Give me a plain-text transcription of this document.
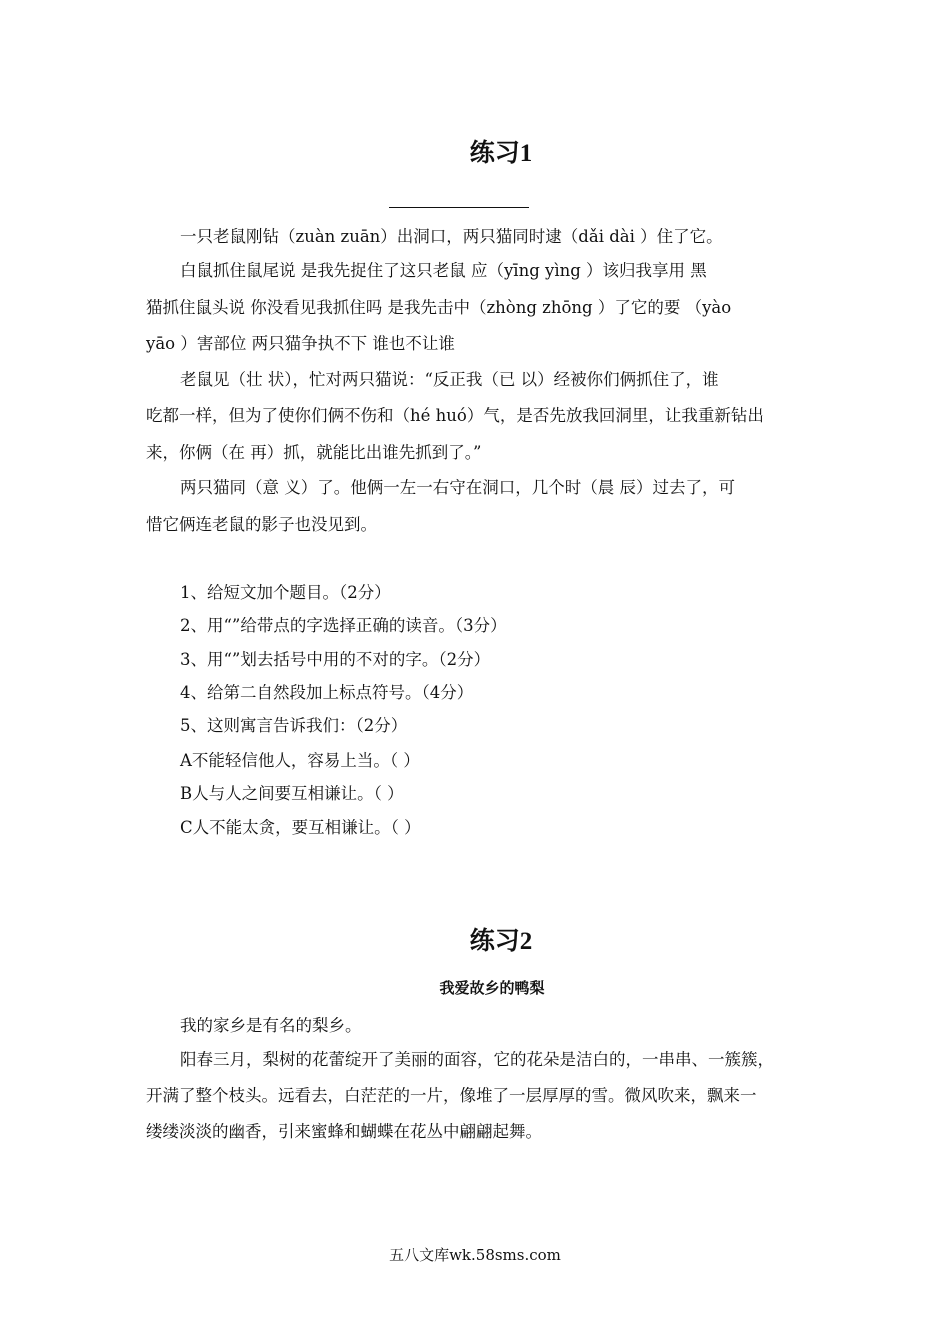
练习1
一只老鼠刚钻（zuàn zuān）出洞口，两只猫同时逮（dǎi dài ）住了它。
白鼠抓住鼠尾说 是我先捉住了这只老鼠 应（yīng yìng ）该归我享用 黑
猫抓住鼠头说 你没看见我抓住吗 是我先击中（zhòng zhōng ）了它的要 （yào
yāo ）害部位 两只猫争执不下 谁也不让谁
老鼠见（壮 状），忙对两只猫说：“反正我（已 以）经被你们俩抓住了，谁
吃都一样，但为了使你们俩不伤和（hé huó）气，是否先放我回洞里，让我重新钻出
来，你俩（在 再）抓，就能比出谁先抓到了。”
两只猫同（意 义）了。他俩一左一右守在洞口，几个时（晨 辰）过去了，可
惜它俩连老鼠的影子也没见到。
1、给短文加个题目。（2分）
2、用“”给带点的字选择正确的读音。（3分）
3、用“”划去括号中用的不对的字。（2分）
4、给第二自然段加上标点符号。（4分）
5、这则寓言告诉我们：（2分）
A不能轻信他人，容易上当。（ ）
B人与人之间要互相谦让。（ ）
C人不能太贪，要互相谦让。（ ）
练习2
我爱故乡的鸭梨
我的家乡是有名的梨乡。
阳春三月，梨树的花蕾绽开了美丽的面容，它的花朵是洁白的，一串串、一簇簇，
开满了整个枝头。远看去，白茫茫的一片，像堆了一层厚厚的雪。微风吹来，飘来一
缕缕淡淡的幽香，引来蜜蜂和蝴蝶在花丛中翩翩起舞。
五八文库wk.58sms.com
